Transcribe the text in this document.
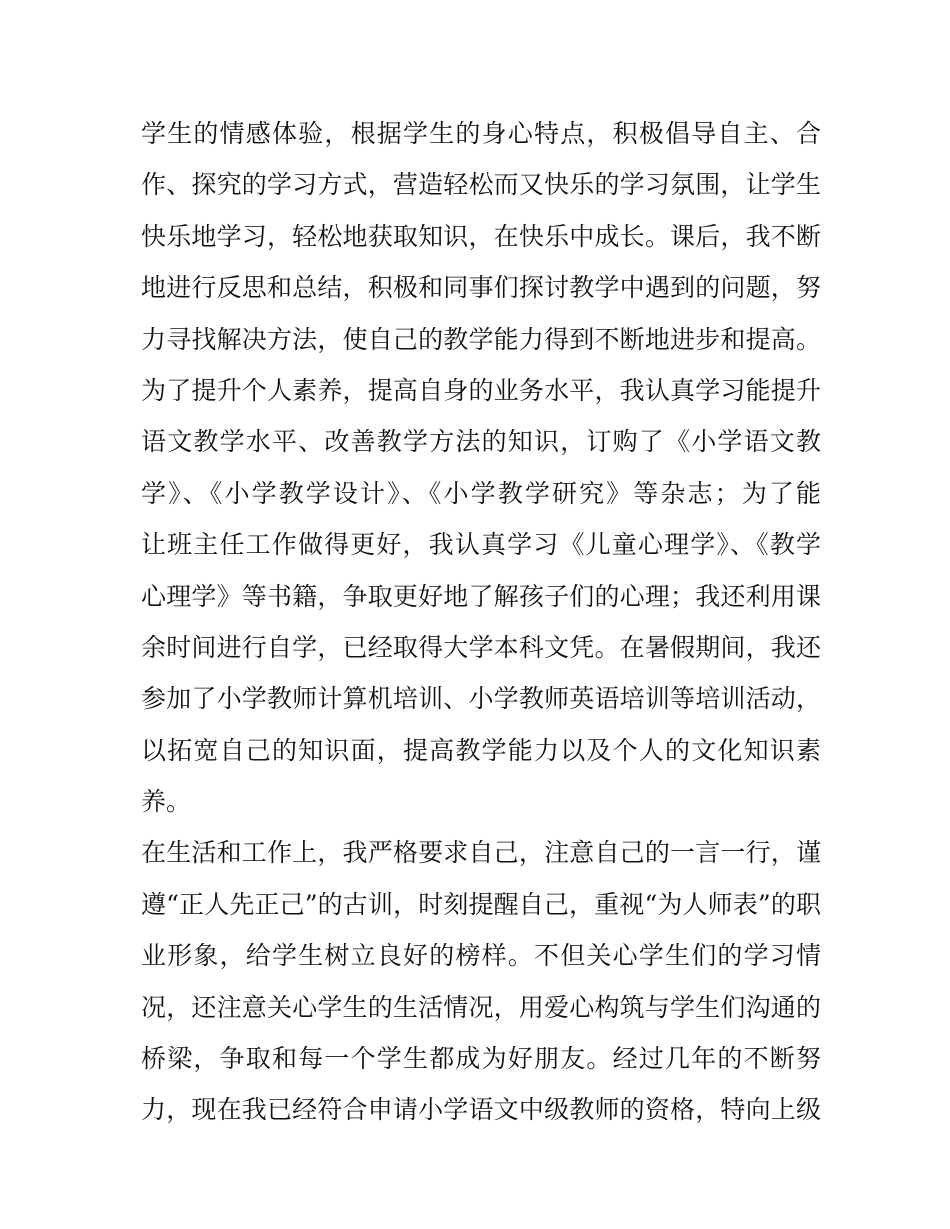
学生的情感体验，根据学生的身心特点，积极倡导自主、合
作、探究的学习方式，营造轻松而又快乐的学习氛围，让学生
快乐地学习，轻松地获取知识，在快乐中成长。课后，我不断
地进行反思和总结，积极和同事们探讨教学中遇到的问题，努
力寻找解决方法，使自己的教学能力得到不断地进步和提高。
为了提升个人素养，提高自身的业务水平，我认真学习能提升
语文教学水平、改善教学方法的知识，订购了《小学语文教
学》、《小学教学设计》、《小学教学研究》等杂志；为了能
让班主任工作做得更好，我认真学习《儿童心理学》、《教学
心理学》等书籍，争取更好地了解孩子们的心理；我还利用课
余时间进行自学，已经取得大学本科文凭。在暑假期间，我还
参加了小学教师计算机培训、小学教师英语培训等培训活动，
以拓宽自己的知识面，提高教学能力以及个人的文化知识素
养。
在生活和工作上，我严格要求自己，注意自己的一言一行，谨
遵“正人先正己”的古训，时刻提醒自己，重视“为人师表”的职
业形象，给学生树立良好的榜样。不但关心学生们的学习情
况，还注意关心学生的生活情况，用爱心构筑与学生们沟通的
桥梁，争取和每一个学生都成为好朋友。经过几年的不断努
力，现在我已经符合申请小学语文中级教师的资格，特向上级
